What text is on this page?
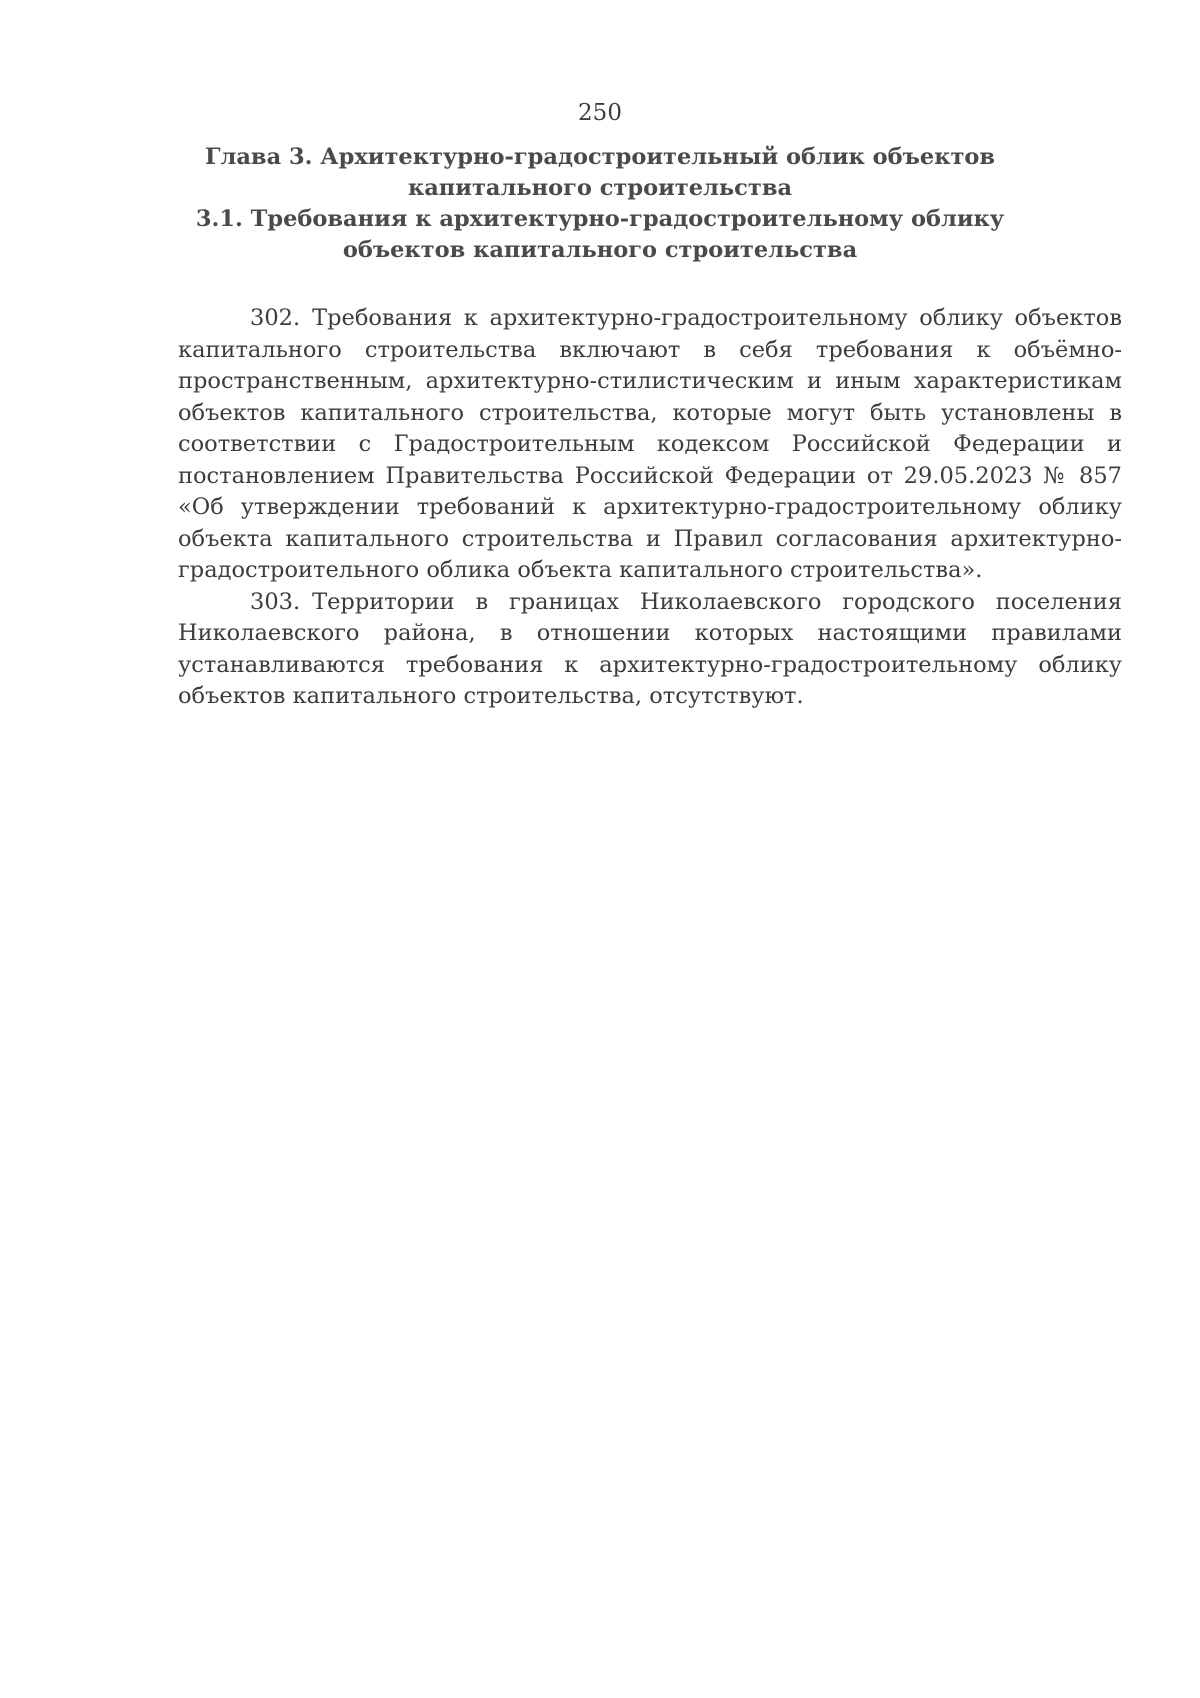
250
Глава 3. Архитектурно-градостроительный облик объектов капитального строительства
3.1. Требования к архитектурно-градостроительному облику объектов капитального строительства

302. Требования к архитектурно-градостроительному облику объектов капитального строительства включают в себя требования к объёмно-пространственным, архитектурно-стилистическим и иным характеристикам объектов капитального строительства, которые могут быть установлены в соответствии с Градостроительным кодексом Российской Федерации и постановлением Правительства Российской Федерации от 29.05.2023 № 857 «Об утверждении требований к архитектурно-градостроительному облику объекта капитального строительства и Правил согласования архитектурно-градостроительного облика объекта капитального строительства».

303. Территории в границах Николаевского городского поселения Николаевского района, в отношении которых настоящими правилами устанавливаются требования к архитектурно-градостроительному облику объектов капитального строительства, отсутствуют.
